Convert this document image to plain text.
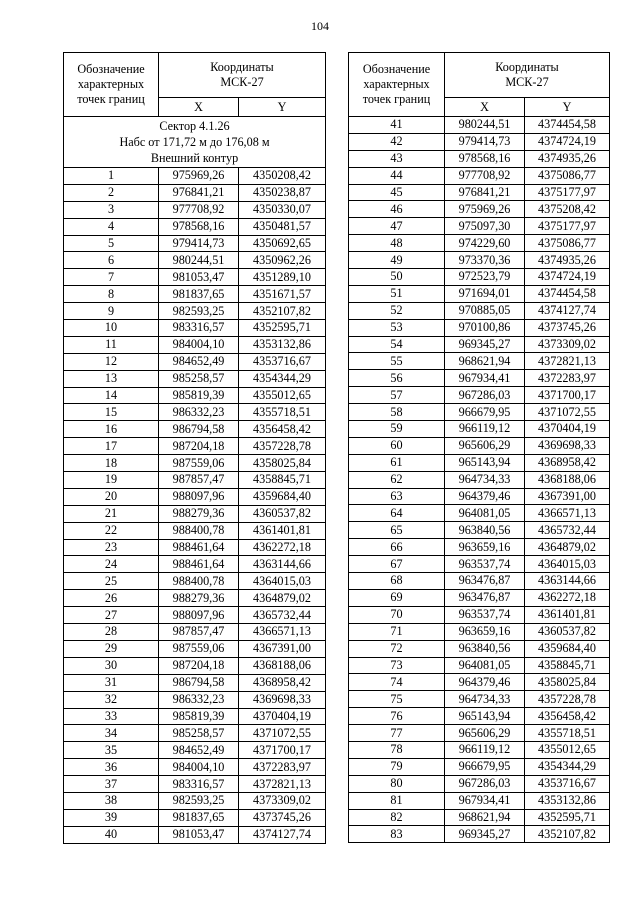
104
Обозначение
характерных
точек границ	Координаты
МСК-27	
	X	Y
Сектор 4.1.26
Набс от 171,72 м до 176,08 м
Внешний контур		
1	975969,26	4350208,42
2	976841,21	4350238,87
3	977708,92	4350330,07
4	978568,16	4350481,57
5	979414,73	4350692,65
6	980244,51	4350962,26
7	981053,47	4351289,10
8	981837,65	4351671,57
9	982593,25	4352107,82
10	983316,57	4352595,71
11	984004,10	4353132,86
12	984652,49	4353716,67
13	985258,57	4354344,29
14	985819,39	4355012,65
15	986332,23	4355718,51
16	986794,58	4356458,42
17	987204,18	4357228,78
18	987559,06	4358025,84
19	987857,47	4358845,71
20	988097,96	4359684,40
21	988279,36	4360537,82
22	988400,78	4361401,81
23	988461,64	4362272,18
24	988461,64	4363144,66
25	988400,78	4364015,03
26	988279,36	4364879,02
27	988097,96	4365732,44
28	987857,47	4366571,13
29	987559,06	4367391,00
30	987204,18	4368188,06
31	986794,58	4368958,42
32	986332,23	4369698,33
33	985819,39	4370404,19
34	985258,57	4371072,55
35	984652,49	4371700,17
36	984004,10	4372283,97
37	983316,57	4372821,13
38	982593,25	4373309,02
39	981837,65	4373745,26
40	981053,47	4374127,74
Обозначение
характерных
точек границ	Координаты
МСК-27	
	X	Y
41	980244,51	4374454,58
42	979414,73	4374724,19
43	978568,16	4374935,26
44	977708,92	4375086,77
45	976841,21	4375177,97
46	975969,26	4375208,42
47	975097,30	4375177,97
48	974229,60	4375086,77
49	973370,36	4374935,26
50	972523,79	4374724,19
51	971694,01	4374454,58
52	970885,05	4374127,74
53	970100,86	4373745,26
54	969345,27	4373309,02
55	968621,94	4372821,13
56	967934,41	4372283,97
57	967286,03	4371700,17
58	966679,95	4371072,55
59	966119,12	4370404,19
60	965606,29	4369698,33
61	965143,94	4368958,42
62	964734,33	4368188,06
63	964379,46	4367391,00
64	964081,05	4366571,13
65	963840,56	4365732,44
66	963659,16	4364879,02
67	963537,74	4364015,03
68	963476,87	4363144,66
69	963476,87	4362272,18
70	963537,74	4361401,81
71	963659,16	4360537,82
72	963840,56	4359684,40
73	964081,05	4358845,71
74	964379,46	4358025,84
75	964734,33	4357228,78
76	965143,94	4356458,42
77	965606,29	4355718,51
78	966119,12	4355012,65
79	966679,95	4354344,29
80	967286,03	4353716,67
81	967934,41	4353132,86
82	968621,94	4352595,71
83	969345,27	4352107,82
